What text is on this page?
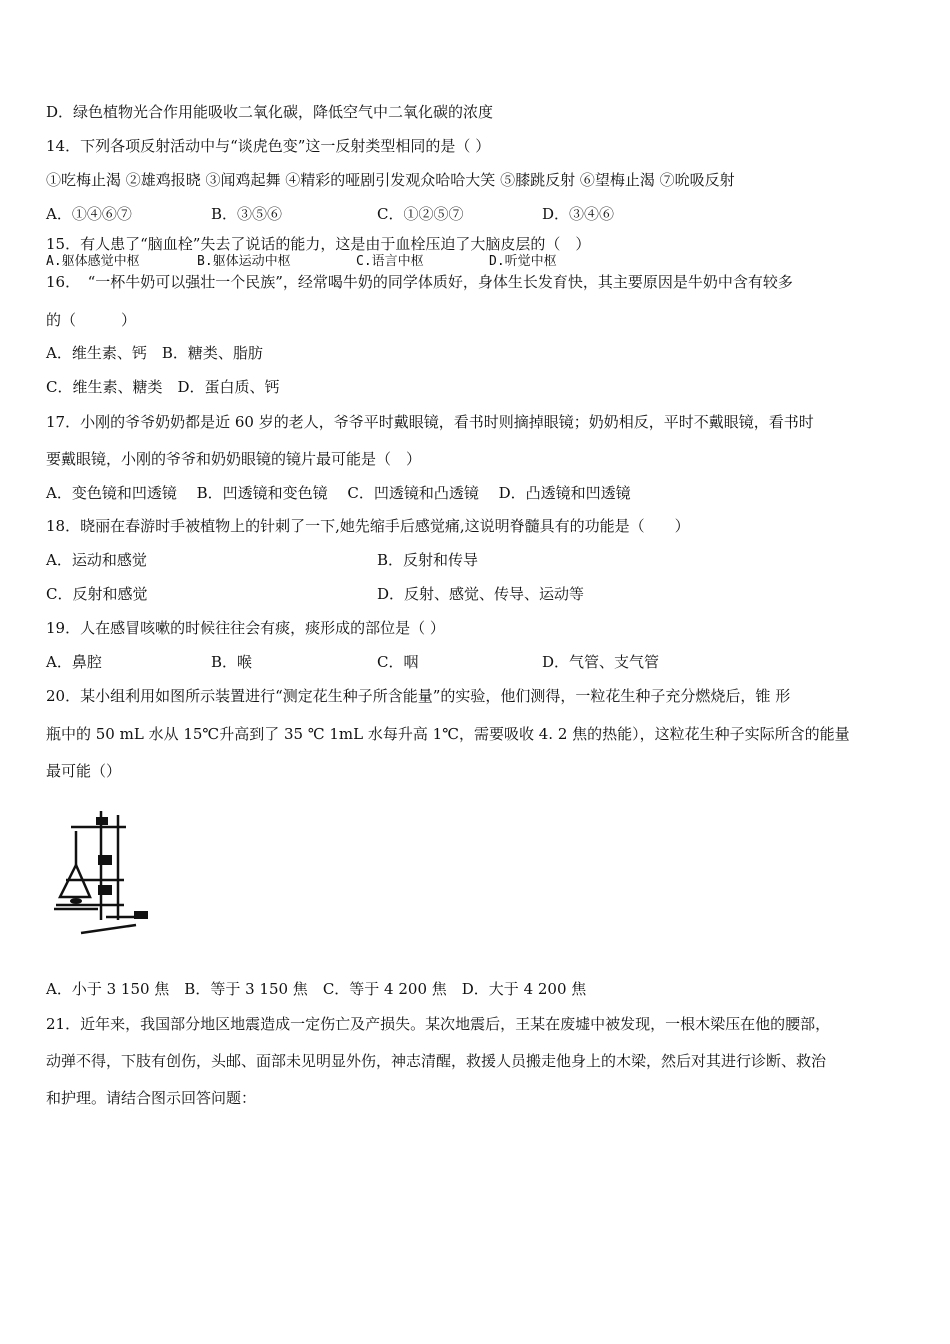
D．绿色植物光合作用能吸收二氧化碳，降低空气中二氧化碳的浓度
14．下列各项反射活动中与“谈虎色变”这一反射类型相同的是（ ）
①吃梅止渴 ②雄鸡报晓 ③闻鸡起舞 ④精彩的哑剧引发观众哈哈大笑 ⑤膝跳反射 ⑥望梅止渴 ⑦吮吸反射
A．①④⑥⑦	B．③⑤⑥	C．①②⑤⑦	D．③④⑥
15．有人患了“脑血栓”失去了说话的能力，这是由于血栓压迫了大脑皮层的（　）
A.躯体感觉中枢	B.躯体运动中枢	C.语言中枢	D.听觉中枢
16．　“一杯牛奶可以强壮一个民族”，经常喝牛奶的同学体质好，身体生长发育快，其主要原因是牛奶中含有较多
的（　　　）
A．维生素、钙　B．糖类、脂肪
C．维生素、糖类　D．蛋白质、钙
17．小刚的爷爷奶奶都是近 60 岁的老人，爷爷平时戴眼镜，看书时则摘掉眼镜；奶奶相反，平时不戴眼镜，看书时
要戴眼镜，小刚的爷爷和奶奶眼镜的镜片最可能是（　）
A．变色镜和凹透镜　 B．凹透镜和变色镜　 C．凹透镜和凸透镜　 D．凸透镜和凹透镜
18．晓丽在春游时手被植物上的针刺了一下,她先缩手后感觉痛,这说明脊髓具有的功能是（　　）
A．运动和感觉	B．反射和传导
C．反射和感觉	D．反射、感觉、传导、运动等
19．人在感冒咳嗽的时候往往会有痰，痰形成的部位是（ ）
A．鼻腔	B．喉	C．咽	D．气管、支气管
20．某小组利用如图所示装置进行“测定花生种子所含能量”的实验，他们测得，一粒花生种子充分燃烧后，锥 形
瓶中的 50 mL 水从 15℃升高到了 35 ℃ 1mL 水每升高 1℃，需要吸收 4. 2 焦的热能），这粒花生种子实际所含的能量
最可能（）
A．小于 3 150 焦　B．等于 3 150 焦　C．等于 4 200 焦　D．大于 4 200 焦
21．近年来，我国部分地区地震造成一定伤亡及产损失。某次地震后，王某在废墟中被发现，一根木梁压在他的腰部，
动弹不得，下肢有创伤，头邮、面部未见明显外伤，神志清醒，救援人员搬走他身上的木梁，然后对其进行诊断、救治
和护理。请结合图示回答问题：
